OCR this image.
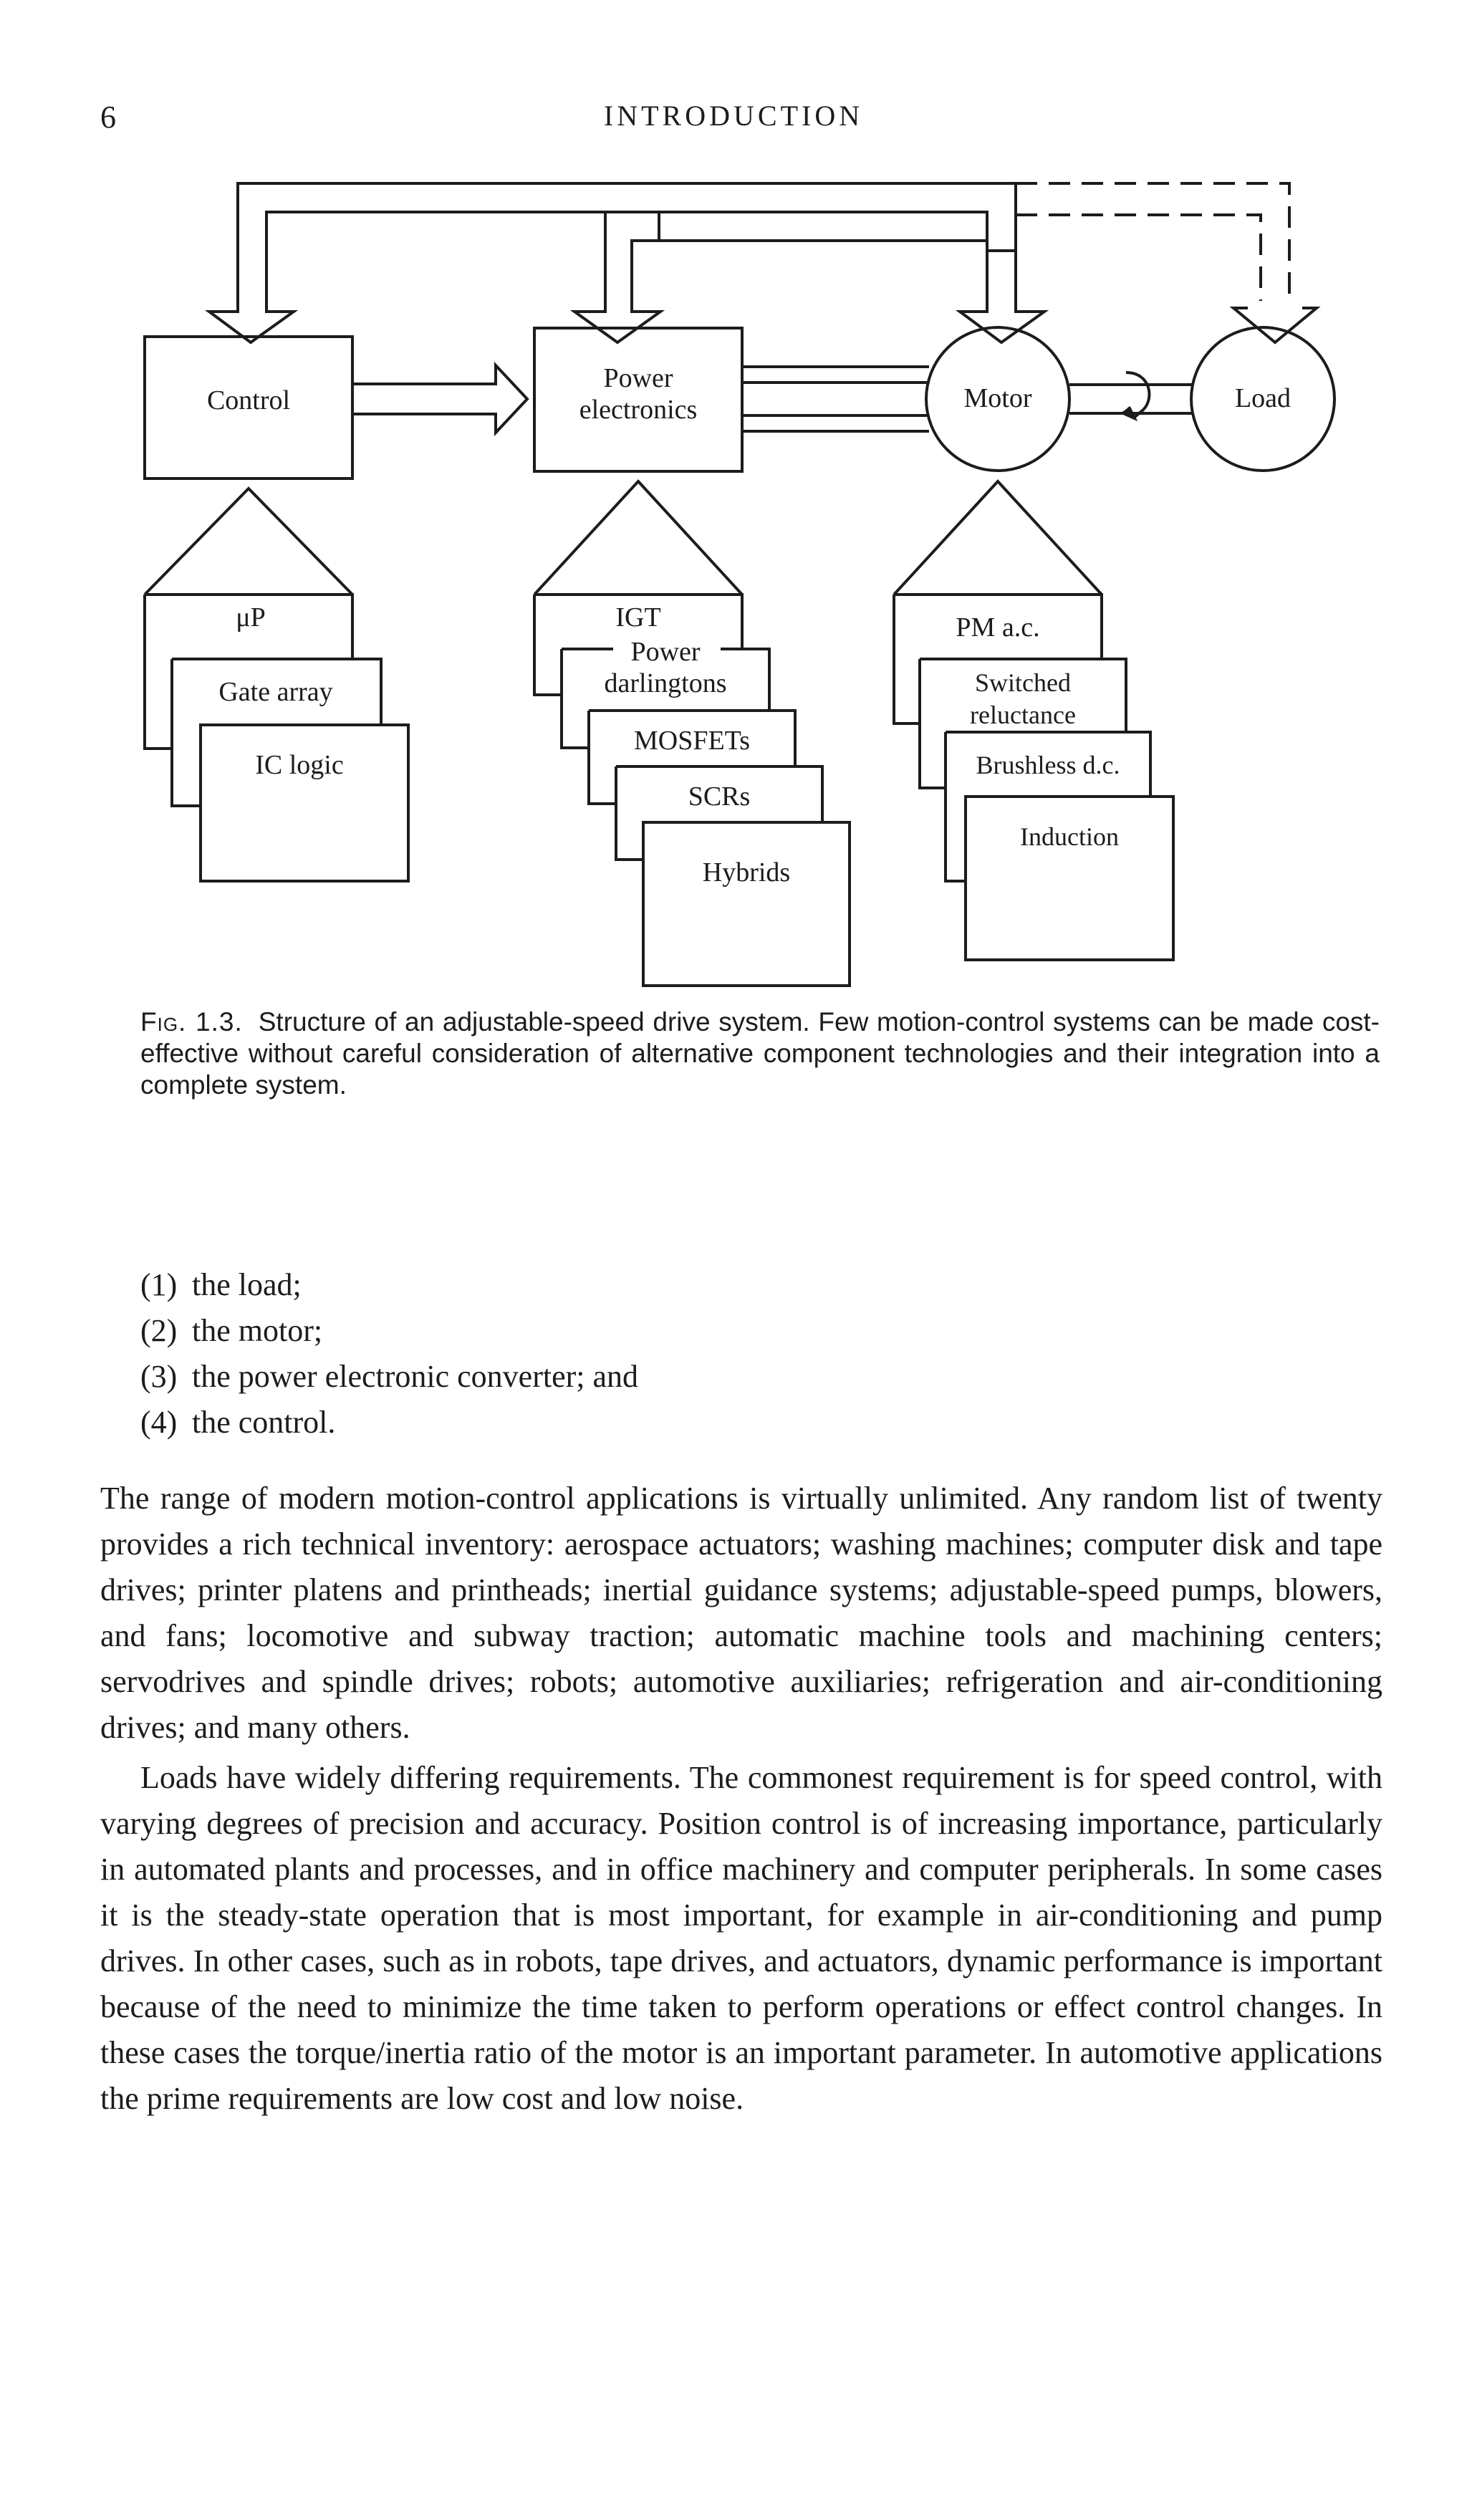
6	INTRODUCTION
Control
Power
electronics	Motor	Load
μP
Gate array
IC logic
IGT
Power
darlingtons
MOSFETs
SCRs
Hybrids
PM a.c.
Switched
reluctance
Brushless d.c.
Induction
Fig. 1.3. Structure of an adjustable-speed drive system. Few motion-control systems can be made cost-effective without careful consideration of alternative component technologies and their integration into a complete system.
(1) the load;
(2) the motor;
(3) the power electronic converter; and
(4) the control.

The range of modern motion-control applications is virtually unlimited. Any random list of twenty provides a rich technical inventory: aerospace actuators; washing machines; computer disk and tape drives; printer platens and printheads; inertial guidance systems; adjustable-speed pumps, blowers, and fans; locomotive and subway traction; automatic machine tools and machining centers; servodrives and spindle drives; robots; automotive auxiliaries; refrigeration and air-conditioning drives; and many others.

Loads have widely differing requirements. The commonest requirement is for speed control, with varying degrees of precision and accuracy. Position control is of increasing importance, particularly in automated plants and processes, and in office machinery and computer peripherals. In some cases it is the steady-state operation that is most important, for example in air-conditioning and pump drives. In other cases, such as in robots, tape drives, and actuators, dynamic performance is important because of the need to minimize the time taken to perform operations or effect control changes. In these cases the torque/inertia ratio of the motor is an important parameter. In automotive applications the prime requirements are low cost and low noise.
